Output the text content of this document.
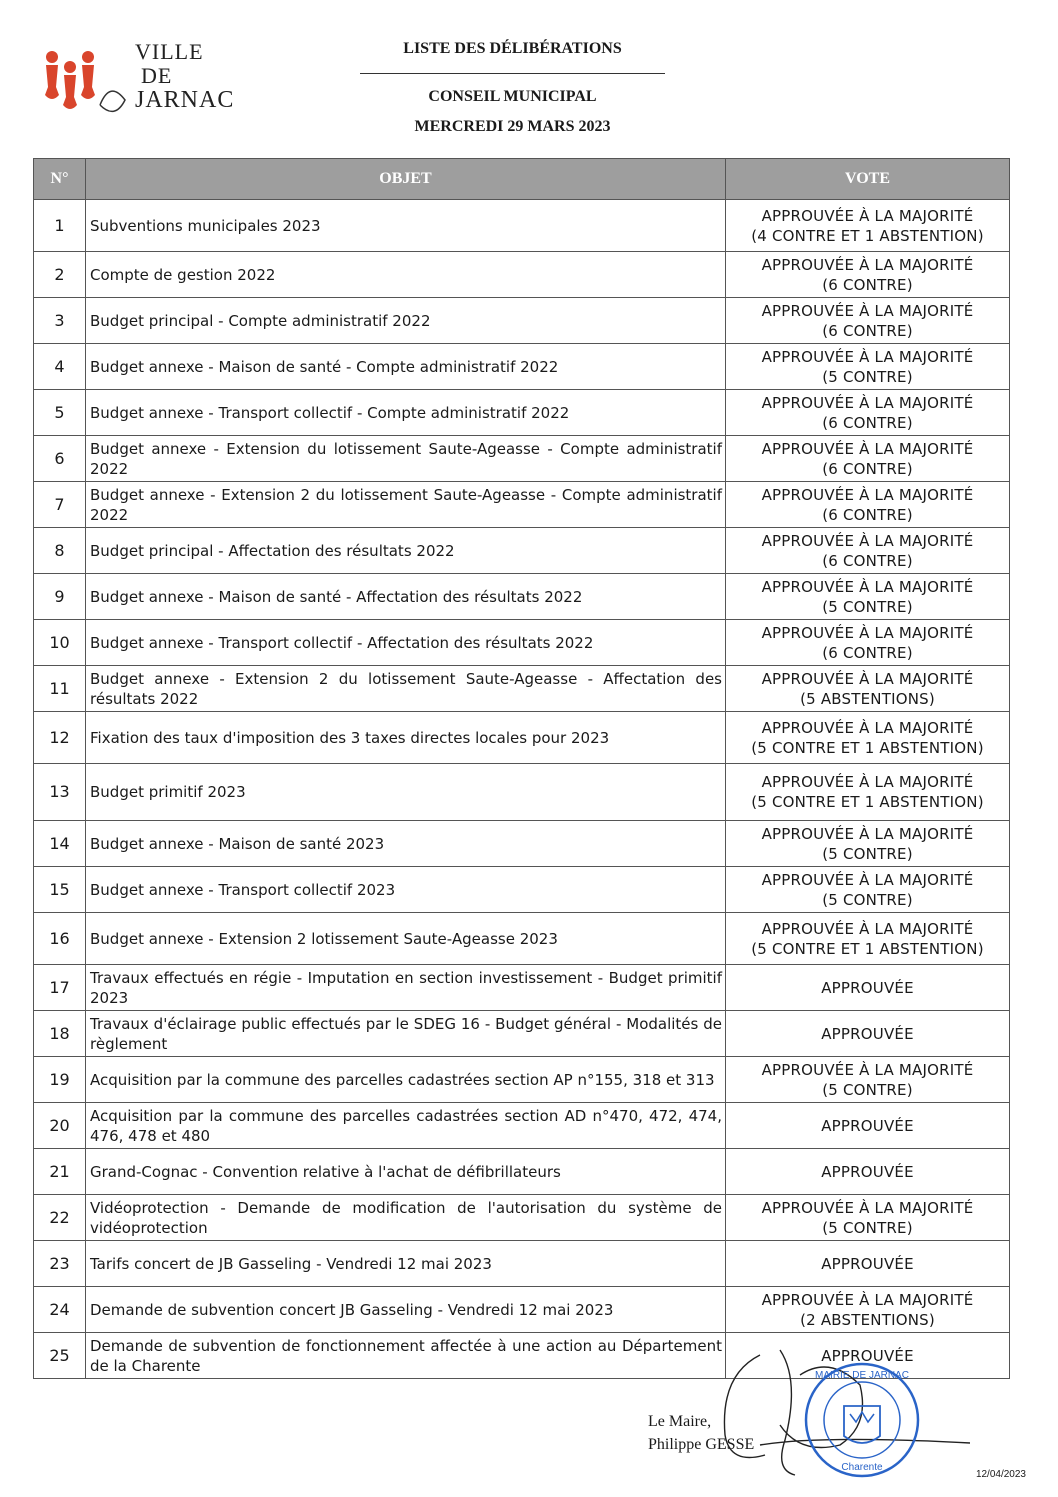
VILLE
DE
JARNAC
LISTE DES DÉLIBÉRATIONS
CONSEIL MUNICIPAL
MERCREDI 29 MARS 2023
N°	OBJET	VOTE
1	Subventions municipales 2023	APPROUVÉE À LA MAJORITÉ
(4 CONTRE ET 1 ABSTENTION)

2	Compte de gestion 2022	APPROUVÉE À LA MAJORITÉ
(6 CONTRE)

3	Budget principal - Compte administratif 2022	APPROUVÉE À LA MAJORITÉ
(6 CONTRE)

4	Budget annexe - Maison de santé - Compte administratif 2022	APPROUVÉE À LA MAJORITÉ
(5 CONTRE)

5	Budget annexe - Transport collectif - Compte administratif 2022	APPROUVÉE À LA MAJORITÉ
(6 CONTRE)

6	Budget annexe - Extension du lotissement Saute-Ageasse - Compte administratif 2022	APPROUVÉE À LA MAJORITÉ
(6 CONTRE)

7	Budget annexe - Extension 2 du lotissement Saute-Ageasse - Compte administratif 2022	APPROUVÉE À LA MAJORITÉ
(6 CONTRE)

8	Budget principal - Affectation des résultats 2022	APPROUVÉE À LA MAJORITÉ
(6 CONTRE)

9	Budget annexe - Maison de santé - Affectation des résultats 2022	APPROUVÉE À LA MAJORITÉ
(5 CONTRE)

10	Budget annexe - Transport collectif - Affectation des résultats 2022	APPROUVÉE À LA MAJORITÉ
(6 CONTRE)

11	Budget annexe - Extension 2 du lotissement Saute-Ageasse - Affectation des résultats 2022	APPROUVÉE À LA MAJORITÉ
(5 ABSTENTIONS)

12	Fixation des taux d'imposition des 3 taxes directes locales pour 2023	APPROUVÉE À LA MAJORITÉ
(5 CONTRE ET 1 ABSTENTION)

13	Budget primitif 2023	APPROUVÉE À LA MAJORITÉ
(5 CONTRE ET 1 ABSTENTION)

14	Budget annexe - Maison de santé 2023	APPROUVÉE À LA MAJORITÉ
(5 CONTRE)

15	Budget annexe - Transport collectif 2023	APPROUVÉE À LA MAJORITÉ
(5 CONTRE)

16	Budget annexe - Extension 2 lotissement Saute-Ageasse 2023	APPROUVÉE À LA MAJORITÉ
(5 CONTRE ET 1 ABSTENTION)

17	Travaux effectués en régie - Imputation en section investissement - Budget primitif 2023	APPROUVÉE

18	Travaux d'éclairage public effectués par le SDEG 16 - Budget général - Modalités de règlement	APPROUVÉE

19	Acquisition par la commune des parcelles cadastrées section AP n°155, 318 et 313	APPROUVÉE À LA MAJORITÉ
(5 CONTRE)

20	Acquisition par la commune des parcelles cadastrées section AD n°470, 472, 474, 476, 478 et 480	APPROUVÉE

21	Grand-Cognac - Convention relative à l'achat de défibrillateurs	APPROUVÉE

22	Vidéoprotection - Demande de modification de l'autorisation du système de vidéoprotection	APPROUVÉE À LA MAJORITÉ
(5 CONTRE)

23	Tarifs concert de JB Gasseling - Vendredi 12 mai 2023	APPROUVÉE

24	Demande de subvention concert JB Gasseling - Vendredi 12 mai 2023	APPROUVÉE À LA MAJORITÉ
(2 ABSTENTIONS)

25	Demande de subvention de fonctionnement affectée à une action au Département de la Charente	APPROUVÉE
Le Maire,
Philippe GESSE
MAIRIE DE JARNAC
Charente
12/04/2023
